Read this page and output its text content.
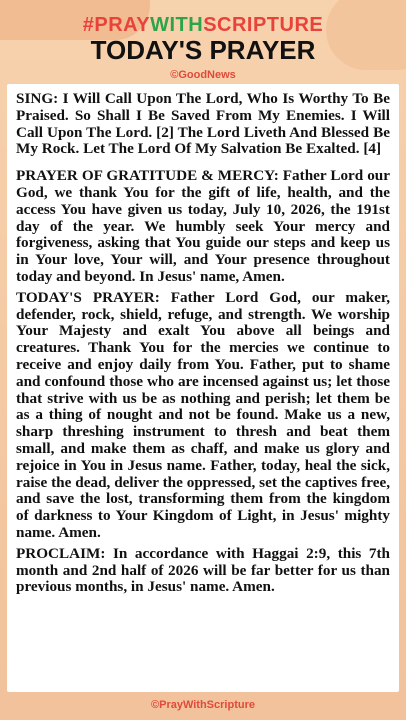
#PRAYWITHSCRIPTURE
TODAY'S PRAYER
©GoodNews

SING: I Will Call Upon The Lord, Who Is Worthy To Be Praised. So Shall I Be Saved From My Enemies. I Will Call Upon The Lord. [2] The Lord Liveth And Blessed Be My Rock. Let The Lord Of My Salvation Be Exalted. [4]

PRAYER OF GRATITUDE & MERCY: Father Lord our God, we thank You for the gift of life, health, and the access You have given us today, July 10, 2026, the 191st day of the year. We humbly seek Your mercy and forgiveness, asking that You guide our steps and keep us in Your love, Your will, and Your presence throughout today and beyond. In Jesus' name, Amen.

TODAY'S PRAYER: Father Lord God, our maker, defender, rock, shield, refuge, and strength. We worship Your Majesty and exalt You above all beings and creatures. Thank You for the mercies we continue to receive and enjoy daily from You. Father, put to shame and confound those who are incensed against us; let those that strive with us be as nothing and perish; let them be as a thing of nought and not be found. Make us a new, sharp threshing instrument to thresh and beat them small, and make them as chaff, and make us glory and rejoice in You in Jesus name. Father, today, heal the sick, raise the dead, deliver the oppressed, set the captives free, and save the lost, transforming them from the kingdom of darkness to Your Kingdom of Light, in Jesus' mighty name. Amen.

PROCLAIM: In accordance with Haggai 2:9, this 7th month and 2nd half of 2026 will be far better for us than previous months, in Jesus' name. Amen.

©PrayWithScripture
